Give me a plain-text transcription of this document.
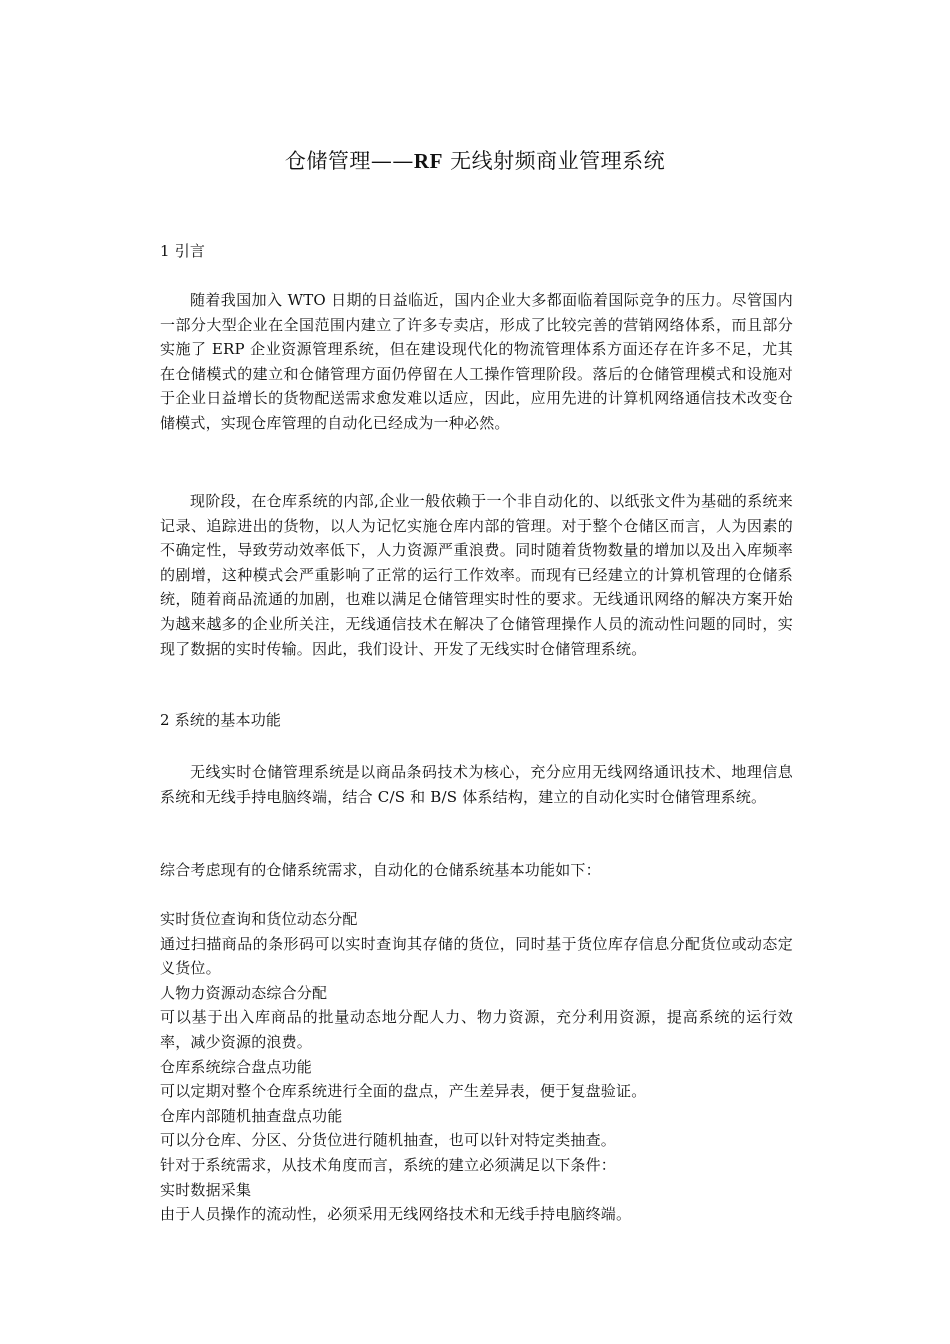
仓储管理——RF 无线射频商业管理系统
1 引言
随着我国加入 WTO 日期的日益临近，国内企业大多都面临着国际竞争的压力。尽管国内一部分大型企业在全国范围内建立了许多专卖店，形成了比较完善的营销网络体系，而且部分实施了 ERP 企业资源管理系统，但在建设现代化的物流管理体系方面还存在许多不足，尤其在仓储模式的建立和仓储管理方面仍停留在人工操作管理阶段。落后的仓储管理模式和设施对于企业日益增长的货物配送需求愈发难以适应，因此，应用先进的计算机网络通信技术改变仓储模式，实现仓库管理的自动化已经成为一种必然。
现阶段，在仓库系统的内部,企业一般依赖于一个非自动化的、以纸张文件为基础的系统来记录、追踪进出的货物，以人为记忆实施仓库内部的管理。对于整个仓储区而言，人为因素的不确定性，导致劳动效率低下，人力资源严重浪费。同时随着货物数量的增加以及出入库频率的剧增，这种模式会严重影响了正常的运行工作效率。而现有已经建立的计算机管理的仓储系统，随着商品流通的加剧，也难以满足仓储管理实时性的要求。无线通讯网络的解决方案开始为越来越多的企业所关注，无线通信技术在解决了仓储管理操作人员的流动性问题的同时，实现了数据的实时传输。因此，我们设计、开发了无线实时仓储管理系统。
2 系统的基本功能
无线实时仓储管理系统是以商品条码技术为核心，充分应用无线网络通讯技术、地理信息系统和无线手持电脑终端，结合 C/S 和 B/S 体系结构，建立的自动化实时仓储管理系统。
综合考虑现有的仓储系统需求，自动化的仓储系统基本功能如下：
实时货位查询和货位动态分配
通过扫描商品的条形码可以实时查询其存储的货位，同时基于货位库存信息分配货位或动态定义货位。
人物力资源动态综合分配
可以基于出入库商品的批量动态地分配人力、物力资源，充分利用资源，提高系统的运行效率，减少资源的浪费。
仓库系统综合盘点功能
可以定期对整个仓库系统进行全面的盘点，产生差异表，便于复盘验证。
仓库内部随机抽查盘点功能
可以分仓库、分区、分货位进行随机抽查，也可以针对特定类抽查。
针对于系统需求，从技术角度而言，系统的建立必须满足以下条件：
实时数据采集
由于人员操作的流动性，必须采用无线网络技术和无线手持电脑终端。
